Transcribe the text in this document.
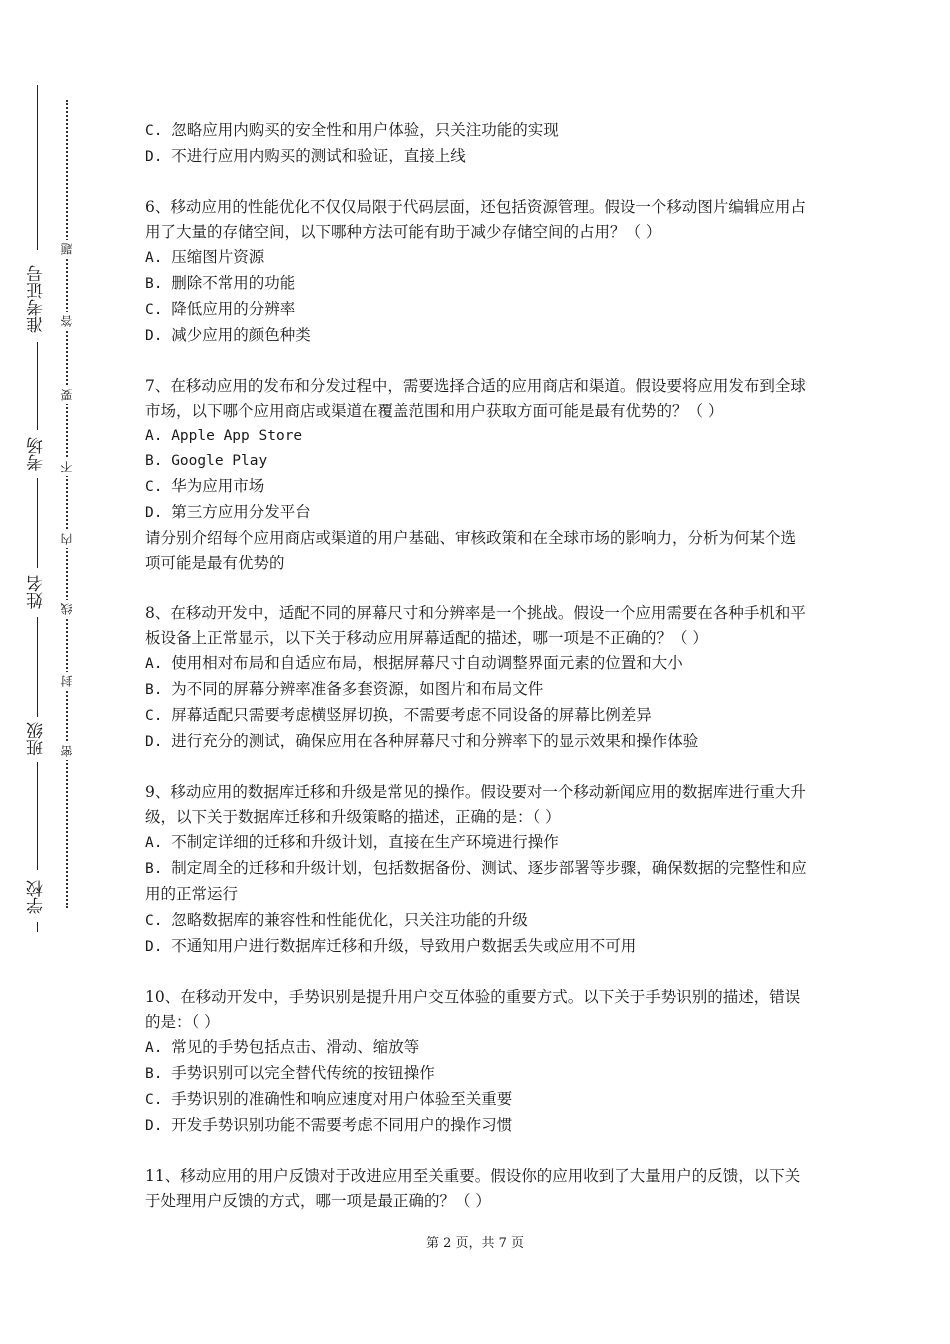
准考证号
考场
姓名
班级
学校
题
答
要
不
内
线
封
密

C. 忽略应用内购买的安全性和用户体验，只关注功能的实现

D. 不进行应用内购买的测试和验证，直接上线

6、移动应用的性能优化不仅仅局限于代码层面，还包括资源管理。假设一个移动图片编辑应用占用了大量的存储空间，以下哪种方法可能有助于减少存储空间的占用？（ ）

A. 压缩图片资源

B. 删除不常用的功能

C. 降低应用的分辨率

D. 减少应用的颜色种类

7、在移动应用的发布和分发过程中，需要选择合适的应用商店和渠道。假设要将应用发布到全球市场，以下哪个应用商店或渠道在覆盖范围和用户获取方面可能是最有优势的？（ ）

A. Apple App Store

B. Google Play

C. 华为应用市场

D. 第三方应用分发平台

请分别介绍每个应用商店或渠道的用户基础、审核政策和在全球市场的影响力，分析为何某个选项可能是最有优势的

8、在移动开发中，适配不同的屏幕尺寸和分辨率是一个挑战。假设一个应用需要在各种手机和平板设备上正常显示，以下关于移动应用屏幕适配的描述，哪一项是不正确的？（ ）

A. 使用相对布局和自适应布局，根据屏幕尺寸自动调整界面元素的位置和大小

B. 为不同的屏幕分辨率准备多套资源，如图片和布局文件

C. 屏幕适配只需要考虑横竖屏切换，不需要考虑不同设备的屏幕比例差异

D. 进行充分的测试，确保应用在各种屏幕尺寸和分辨率下的显示效果和操作体验

9、移动应用的数据库迁移和升级是常见的操作。假设要对一个移动新闻应用的数据库进行重大升级，以下关于数据库迁移和升级策略的描述，正确的是：（ ）

A. 不制定详细的迁移和升级计划，直接在生产环境进行操作

B. 制定周全的迁移和升级计划，包括数据备份、测试、逐步部署等步骤，确保数据的完整性和应用的正常运行

C. 忽略数据库的兼容性和性能优化，只关注功能的升级

D. 不通知用户进行数据库迁移和升级，导致用户数据丢失或应用不可用

10、在移动开发中，手势识别是提升用户交互体验的重要方式。以下关于手势识别的描述，错误的是：（ ）

A. 常见的手势包括点击、滑动、缩放等

B. 手势识别可以完全替代传统的按钮操作

C. 手势识别的准确性和响应速度对用户体验至关重要

D. 开发手势识别功能不需要考虑不同用户的操作习惯

11、移动应用的用户反馈对于改进应用至关重要。假设你的应用收到了大量用户的反馈，以下关于处理用户反馈的方式，哪一项是最正确的？（ ）

第 2 页，共 7 页
